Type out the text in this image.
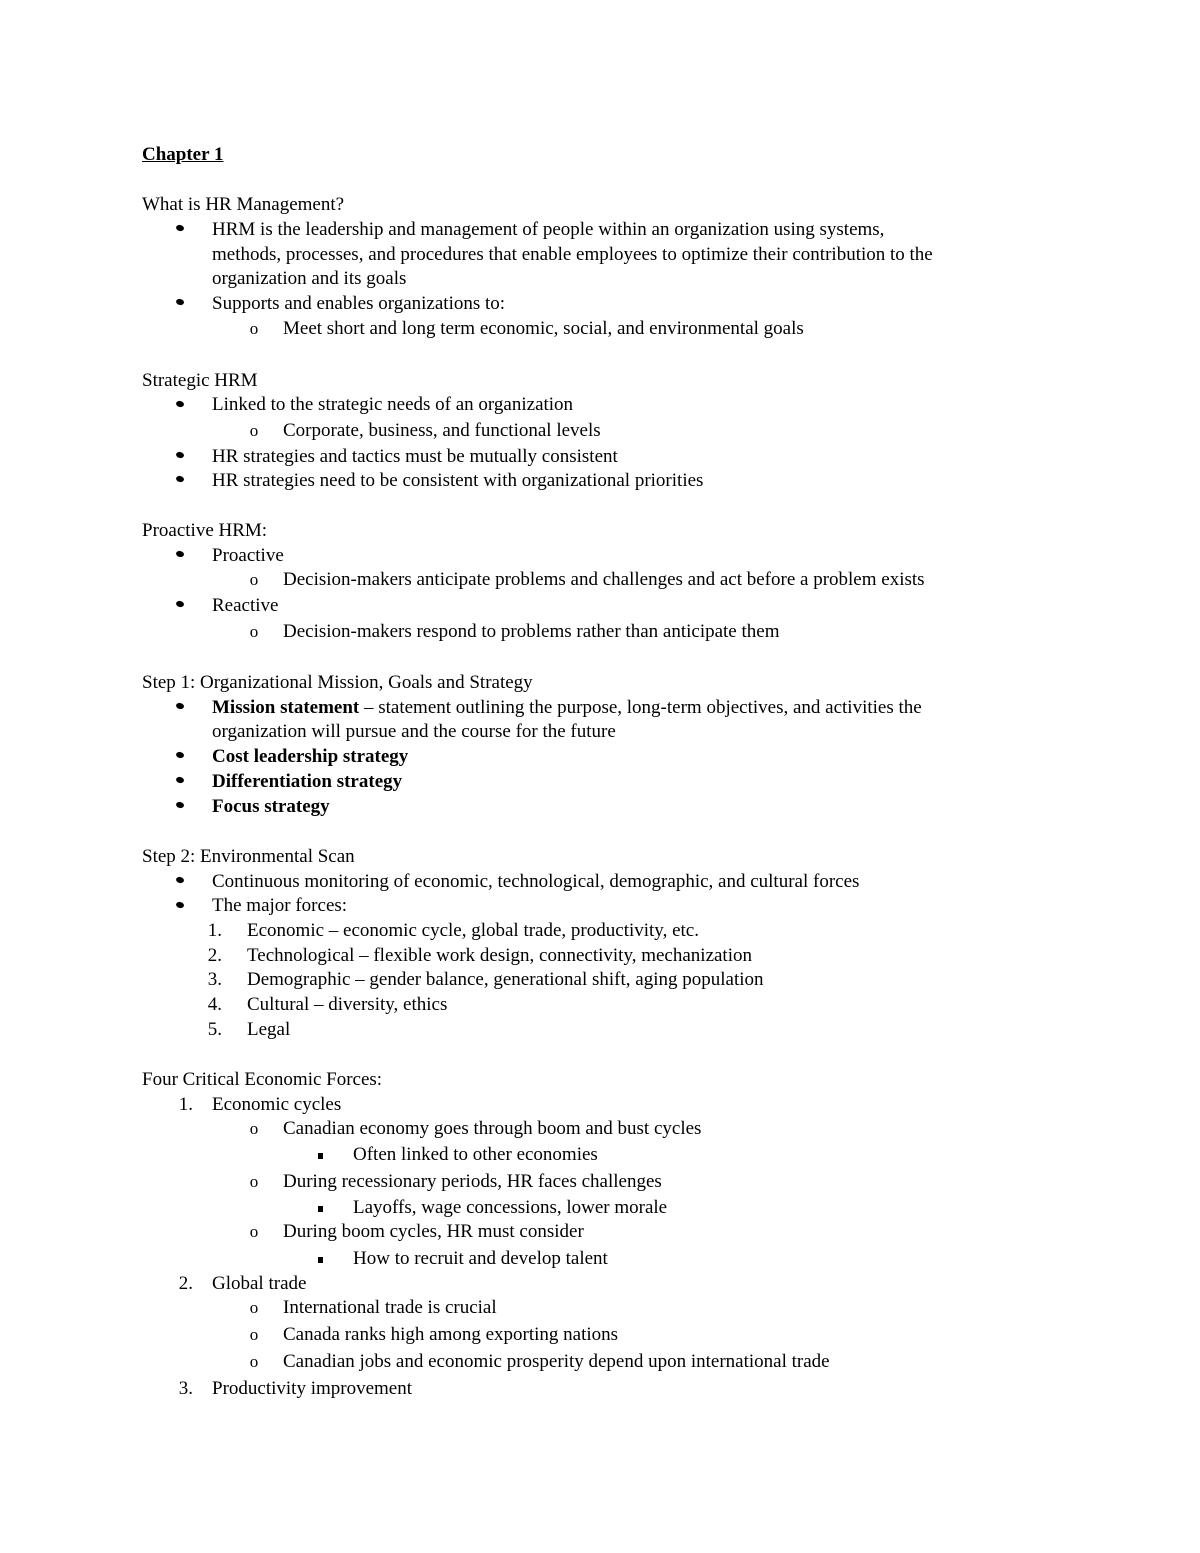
Chapter 1
What is HR Management?
HRM is the leadership and management of people within an organization using systems,
methods, processes, and procedures that enable employees to optimize their contribution to the
organization and its goals
Supports and enables organizations to:
o Meet short and long term economic, social, and environmental goals
Strategic HRM
Linked to the strategic needs of an organization
o Corporate, business, and functional levels
HR strategies and tactics must be mutually consistent
HR strategies need to be consistent with organizational priorities
Proactive HRM:
Proactive
o Decision-makers anticipate problems and challenges and act before a problem exists
Reactive
o Decision-makers respond to problems rather than anticipate them
Step 1: Organizational Mission, Goals and Strategy
Mission statement – statement outlining the purpose, long-term objectives, and activities the
organization will pursue and the course for the future
Cost leadership strategy
Differentiation strategy
Focus strategy
Step 2: Environmental Scan
Continuous monitoring of economic, technological, demographic, and cultural forces
The major forces:
1. Economic – economic cycle, global trade, productivity, etc.
2. Technological – flexible work design, connectivity, mechanization
3. Demographic – gender balance, generational shift, aging population
4. Cultural – diversity, ethics
5. Legal
Four Critical Economic Forces:
1. Economic cycles
o Canadian economy goes through boom and bust cycles
Often linked to other economies
o During recessionary periods, HR faces challenges
Layoffs, wage concessions, lower morale
o During boom cycles, HR must consider
How to recruit and develop talent
2. Global trade
o International trade is crucial
o Canada ranks high among exporting nations
o Canadian jobs and economic prosperity depend upon international trade
3. Productivity improvement
